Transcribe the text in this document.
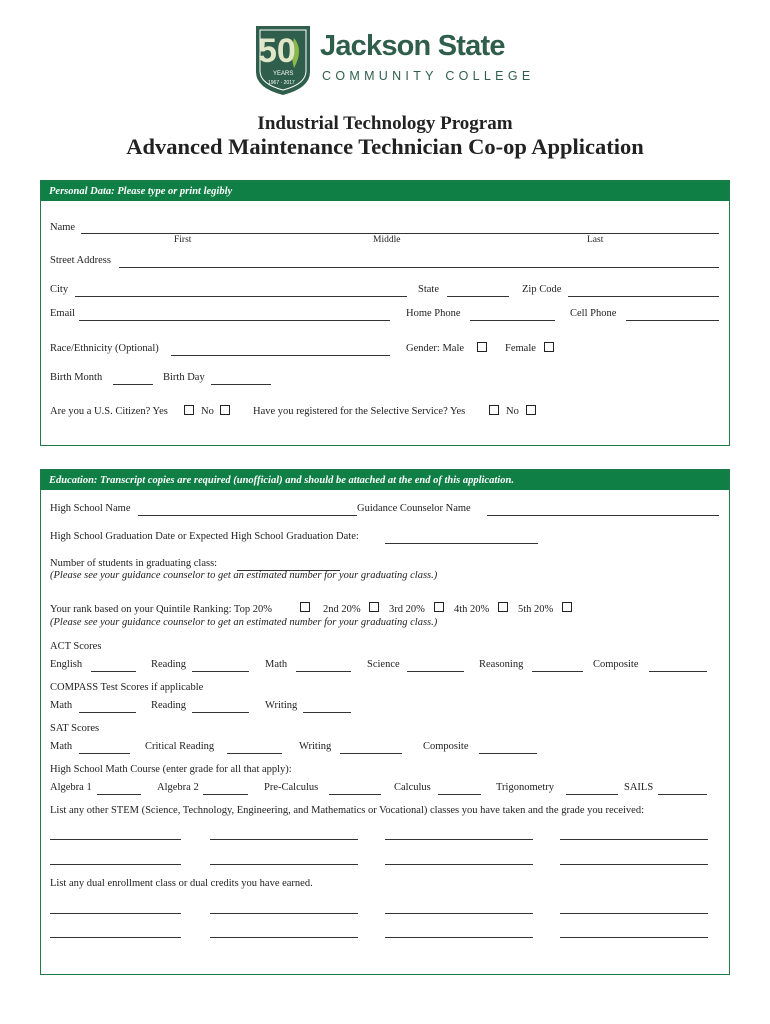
50
YEARS
1967 · 2017
Jackson State
COMMUNITY COLLEGE
Industrial Technology Program
Advanced Maintenance Technician Co-op Application
Personal Data: Please type or print legibly
Name
First	Middle	Last
Street Address
City	State	Zip Code
Email	Home Phone	Cell Phone
Race/Ethnicity (Optional)	Gender: Male	Female
Birth Month	Birth Day
Are you a U.S. Citizen? Yes	No	Have you registered for the Selective Service? Yes	No
Education: Transcript copies are required (unofficial) and should be attached at the end of this application.
High School Name	Guidance Counselor Name
High School Graduation Date or Expected High School Graduation Date:
Number of students in graduating class:
(Please see your guidance counselor to get an estimated number for your graduating class.)
Your rank based on your Quintile Ranking: Top 20%	2nd 20%	3rd 20%	4th 20%	5th 20%
(Please see your guidance counselor to get an estimated number for your graduating class.)
ACT Scores
English	Reading	Math	Science	Reasoning	Composite
COMPASS Test Scores if applicable
Math	Reading	Writing
SAT Scores
Math	Critical Reading	Writing	Composite
High School Math Course (enter grade for all that apply):
Algebra 1	Algebra 2	Pre-Calculus	Calculus	Trigonometry	SAILS
List any other STEM (Science, Technology, Engineering, and Mathematics or Vocational) classes you have taken and the grade you received:
List any dual enrollment class or dual credits you have earned.
